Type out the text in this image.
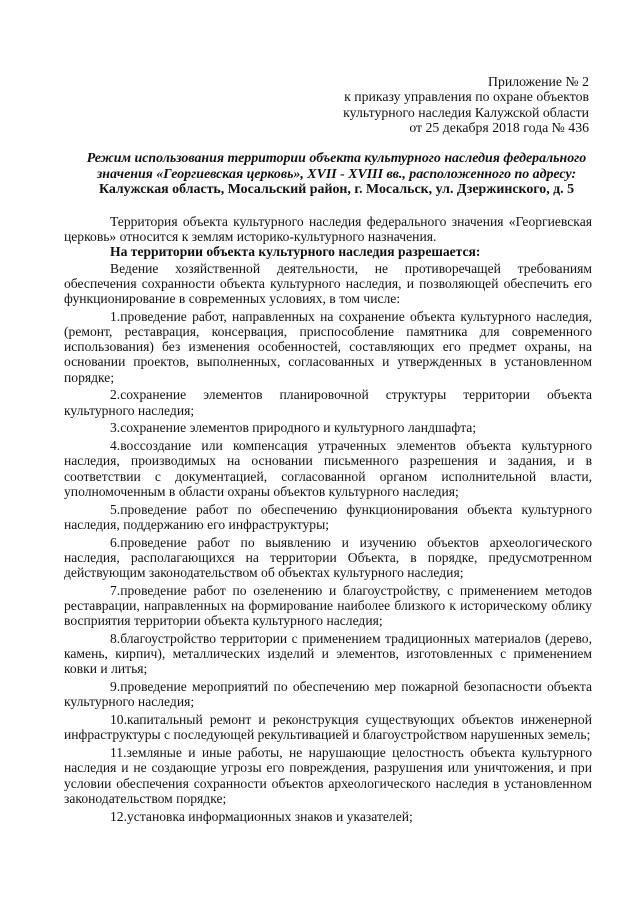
Приложение № 2
к приказу управления по охране объектов
культурного наследия Калужской области
от 25 декабря 2018 года № 436
Режим использования территории объекта культурного наследия федерального
значения «Георгиевская церковь», XVII - XVIII вв., расположенного по адресу:
Калужская область, Мосальский район, г. Мосальск, ул. Дзержинского, д. 5

Территория объекта культурного наследия федерального значения «Георгиевская церковь» относится к землям историко-культурного назначения.

На территории объекта культурного наследия разрешается:

Ведение хозяйственной деятельности, не противоречащей требованиям обеспечения сохранности объекта культурного наследия, и позволяющей обеспечить его функционирование в современных условиях, в том числе:

1.проведение работ, направленных на сохранение объекта культурного наследия, (ремонт, реставрация, консервация, приспособление памятника для современного использования) без изменения особенностей, составляющих его предмет охраны, на основании проектов, выполненных, согласованных и утвержденных в установленном порядке;

2.сохранение элементов планировочной структуры территории объекта культурного наследия;

3.сохранение элементов природного и культурного ландшафта;

4.воссоздание или компенсация утраченных элементов объекта культурного наследия, производимых на основании письменного разрешения и задания, и в соответствии с документацией, согласованной органом исполнительной власти, уполномоченным в области охраны объектов культурного наследия;

5.проведение работ по обеспечению функционирования объекта культурного наследия, поддержанию его инфраструктуры;

6.проведение работ по выявлению и изучению объектов археологического наследия, располагающихся на территории Объекта, в порядке, предусмотренном действующим законодательством об объектах культурного наследия;

7.проведение работ по озеленению и благоустройству, с применением методов реставрации, направленных на формирование наиболее близкого к историческому облику восприятия территории объекта культурного наследия;

8.благоустройство территории с применением традиционных материалов (дерево, камень, кирпич), металлических изделий и элементов, изготовленных с применением ковки и литья;

9.проведение мероприятий по обеспечению мер пожарной безопасности объекта культурного наследия;

10.капитальный ремонт и реконструкция существующих объектов инженерной инфраструктуры с последующей рекультивацией и благоустройством нарушенных земель;

11.земляные и иные работы, не нарушающие целостность объекта культурного наследия и не создающие угрозы его повреждения, разрушения или уничтожения, и при условии обеспечения сохранности объектов археологического наследия в установленном законодательством порядке;

12.установка информационных знаков и указателей;
